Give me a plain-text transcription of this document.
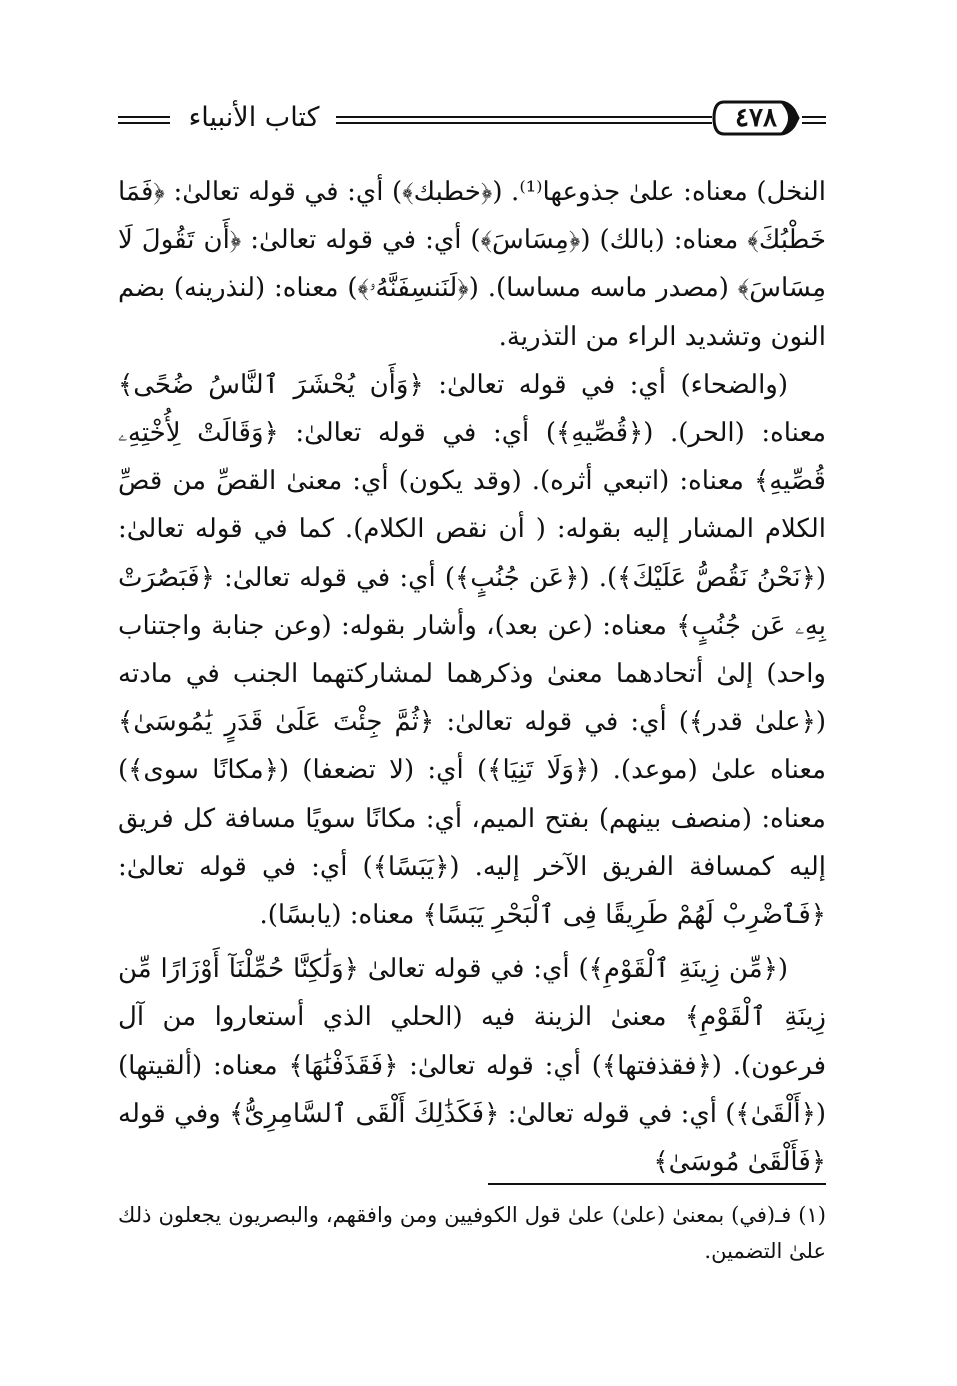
كتاب الأنبياء	٤٧٨

النخل) معناه: علىٰ جذوعها⁽¹⁾. (﴿خطبك﴾) أي: في قوله تعالىٰ: ﴿فَمَا خَطْبُكَ﴾ معناه: (بالك) (﴿مِسَاسَ﴾) أي: في قوله تعالىٰ: ﴿أَن تَقُولَ لَا مِسَاسَ﴾ (مصدر ماسه مساسا). (﴿لَنَنسِفَنَّهُۥ﴾) معناه: (لنذرينه) بضم النون وتشديد الراء من التذرية.

(والضحاء) أي: في قوله تعالىٰ: ﴿وَأَن يُحْشَرَ ٱلنَّاسُ ضُحًى﴾ معناه: (الحر). (﴿قُصِّيهِ﴾) أي: في قوله تعالىٰ: ﴿وَقَالَتْ لِأُخْتِهِۦ قُصِّيهِ﴾ معناه: (اتبعي أثره). (وقد يكون) أي: معنىٰ القصِّ من قصِّ الكلام المشار إليه بقوله: ( أن نقص الكلام). كما في قوله تعالىٰ: (﴿نَحْنُ نَقُصُّ عَلَيْكَ﴾). (﴿عَن جُنُبٍ﴾) أي: في قوله تعالىٰ: ﴿فَبَصُرَتْ بِهِۦ عَن جُنُبٍ﴾ معناه: (عن بعد)، وأشار بقوله: (وعن جنابة واجتناب واحد) إلىٰ أتحادهما معنىٰ وذكرهما لمشاركتهما الجنب في مادته (﴿علىٰ قدر﴾) أي: في قوله تعالىٰ: ﴿ثُمَّ جِئْتَ عَلَىٰ قَدَرٍ يَٰمُوسَىٰ﴾ معناه علىٰ (موعد). (﴿وَلَا تَنِيَا﴾) أي: (لا تضعفا) (﴿مكانًا سوى﴾) معناه: (منصف بينهم) بفتح الميم، أي: مكانًا سويًا مسافة كل فريق إليه كمسافة الفريق الآخر إليه. (﴿يَبَسًا﴾) أي: في قوله تعالىٰ: ﴿فَٱضْرِبْ لَهُمْ طَرِيقًا فِى ٱلْبَحْرِ يَبَسًا﴾ معناه: (يابسًا).

(﴿مِّن زِينَةِ ٱلْقَوْمِ﴾) أي: في قوله تعالىٰ ﴿وَلَٰكِنَّا حُمِّلْنَآ أَوْزَارًا مِّن زِينَةِ ٱلْقَوْمِ﴾ معنىٰ الزينة فيه (الحلي الذي أستعاروا من آل فرعون). (﴿فقذفتها﴾) أي: قوله تعالىٰ: ﴿فَقَذَفْنَٰهَا﴾ معناه: (ألقيتها) (﴿أَلْقَىٰ﴾) أي: في قوله تعالىٰ: ﴿فَكَذَٰلِكَ أَلْقَى ٱلسَّامِرِىُّ﴾ وفي قوله ﴿فَأَلْقَىٰ مُوسَىٰ﴾

(١) فـ(في) بمعنىٰ (علىٰ) علىٰ قول الكوفيين ومن وافقهم، والبصريون يجعلون ذلك علىٰ التضمين.
